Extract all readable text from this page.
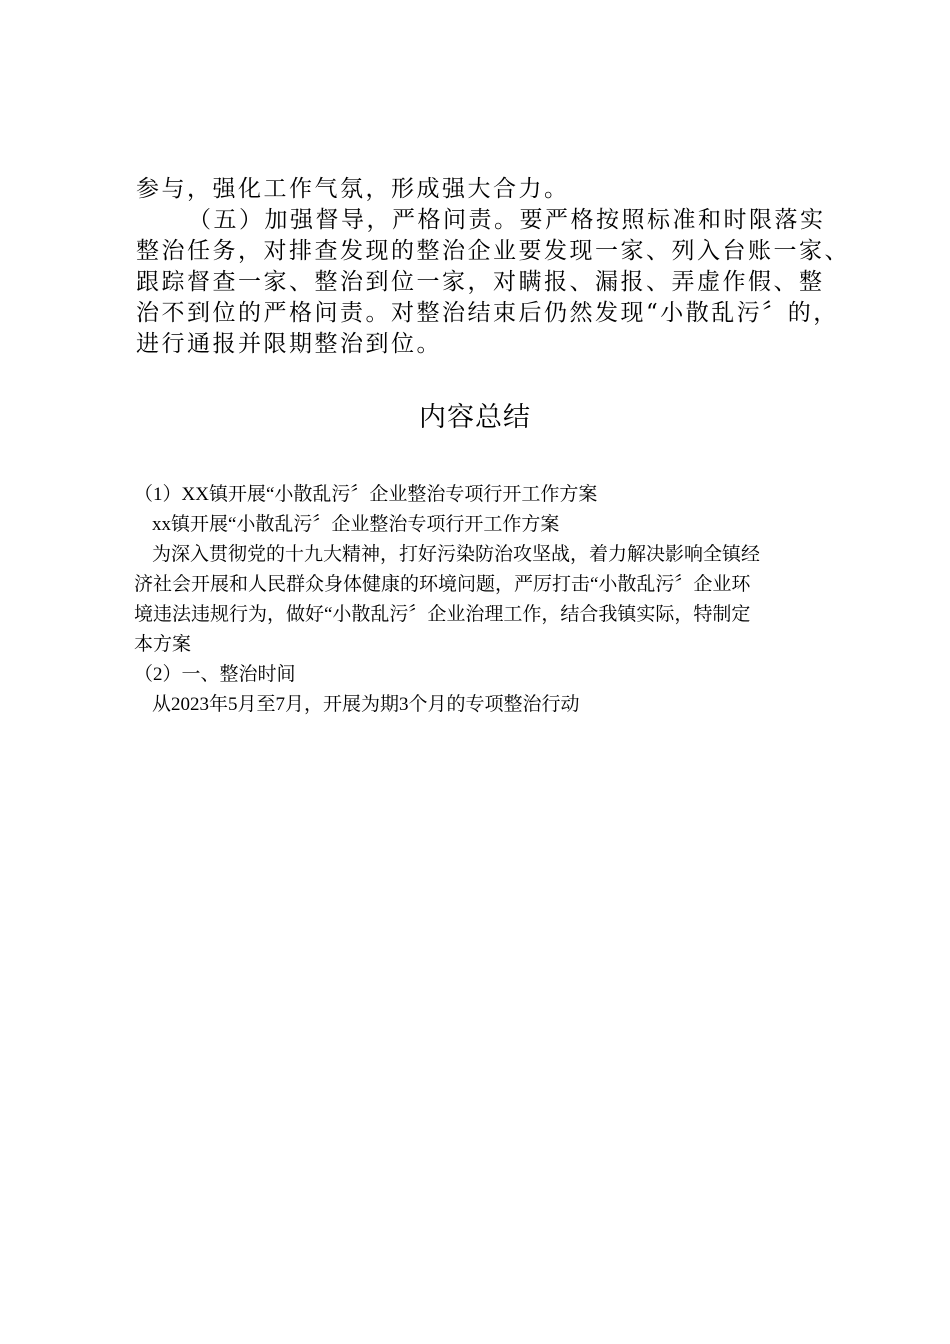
参与，强化工作气氛，形成强大合力。

（五）加强督导，严格问责。要严格按照标准和时限落实

整治任务，对排查发现的整治企业要发现一家、列入台账一家、

跟踪督查一家、整治到位一家，对瞒报、漏报、弄虚作假、整

治不到位的严格问责。对整治结束后仍然发现“小散乱污〞的，

进行通报并限期整治到位。

内容总结

（1）XX镇开展“小散乱污〞企业整治专项行开工作方案

xx镇开展“小散乱污〞企业整治专项行开工作方案

为深入贯彻党的十九大精神，打好污染防治攻坚战，着力解决影响全镇经

济社会开展和人民群众身体健康的环境问题，严厉打击“小散乱污〞企业环

境违法违规行为，做好“小散乱污〞企业治理工作，结合我镇实际，特制定

本方案

（2）一、整治时间

从2023年5月至7月，开展为期3个月的专项整治行动
